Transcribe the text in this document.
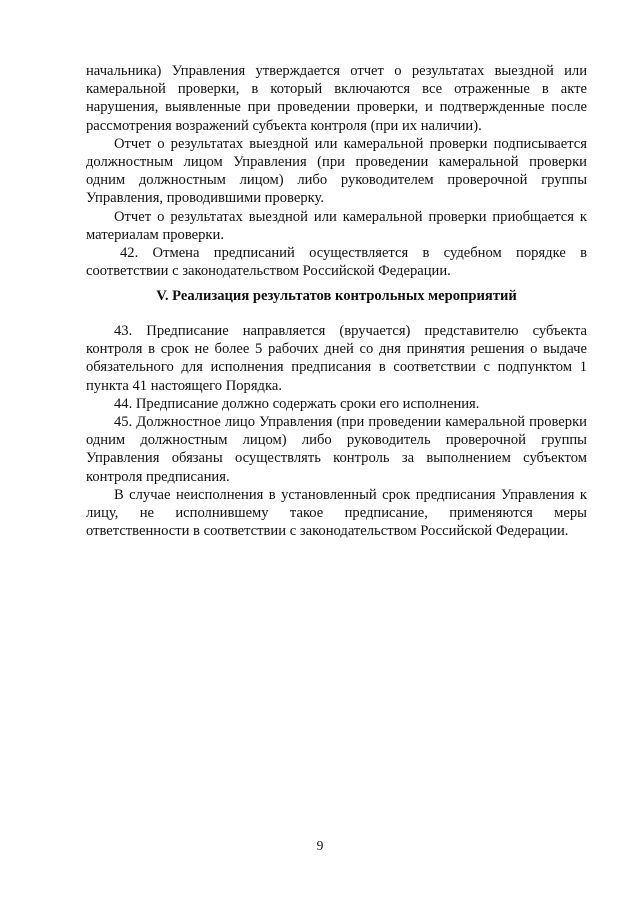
начальника) Управления утверждается отчет о результатах выездной или камеральной проверки, в который включаются все отраженные в акте нарушения, выявленные при проведении проверки, и подтвержденные после рассмотрения возражений субъекта контроля (при их наличии).

Отчет о результатах выездной или камеральной проверки подписывается должностным лицом Управления (при проведении камеральной проверки одним должностным лицом) либо руководителем проверочной группы Управления, проводившими проверку.

Отчет о результатах выездной или камеральной проверки приобщается к материалам проверки.

42. Отмена предписаний осуществляется в судебном порядке в соответствии с законодательством Российской Федерации.

V. Реализация результатов контрольных мероприятий

43. Предписание направляется (вручается) представителю субъекта контроля в срок не более 5 рабочих дней со дня принятия решения о выдаче обязательного для исполнения предписания в соответствии с подпунктом 1 пункта 41 настоящего Порядка.

44. Предписание должно содержать сроки его исполнения.

45. Должностное лицо Управления (при проведении камеральной проверки одним должностным лицом) либо руководитель проверочной группы Управления обязаны осуществлять контроль за выполнением субъектом контроля предписания.

В случае неисполнения в установленный срок предписания Управления к лицу, не исполнившему такое предписание, применяются меры ответственности в соответствии с законодательством Российской Федерации.

9
